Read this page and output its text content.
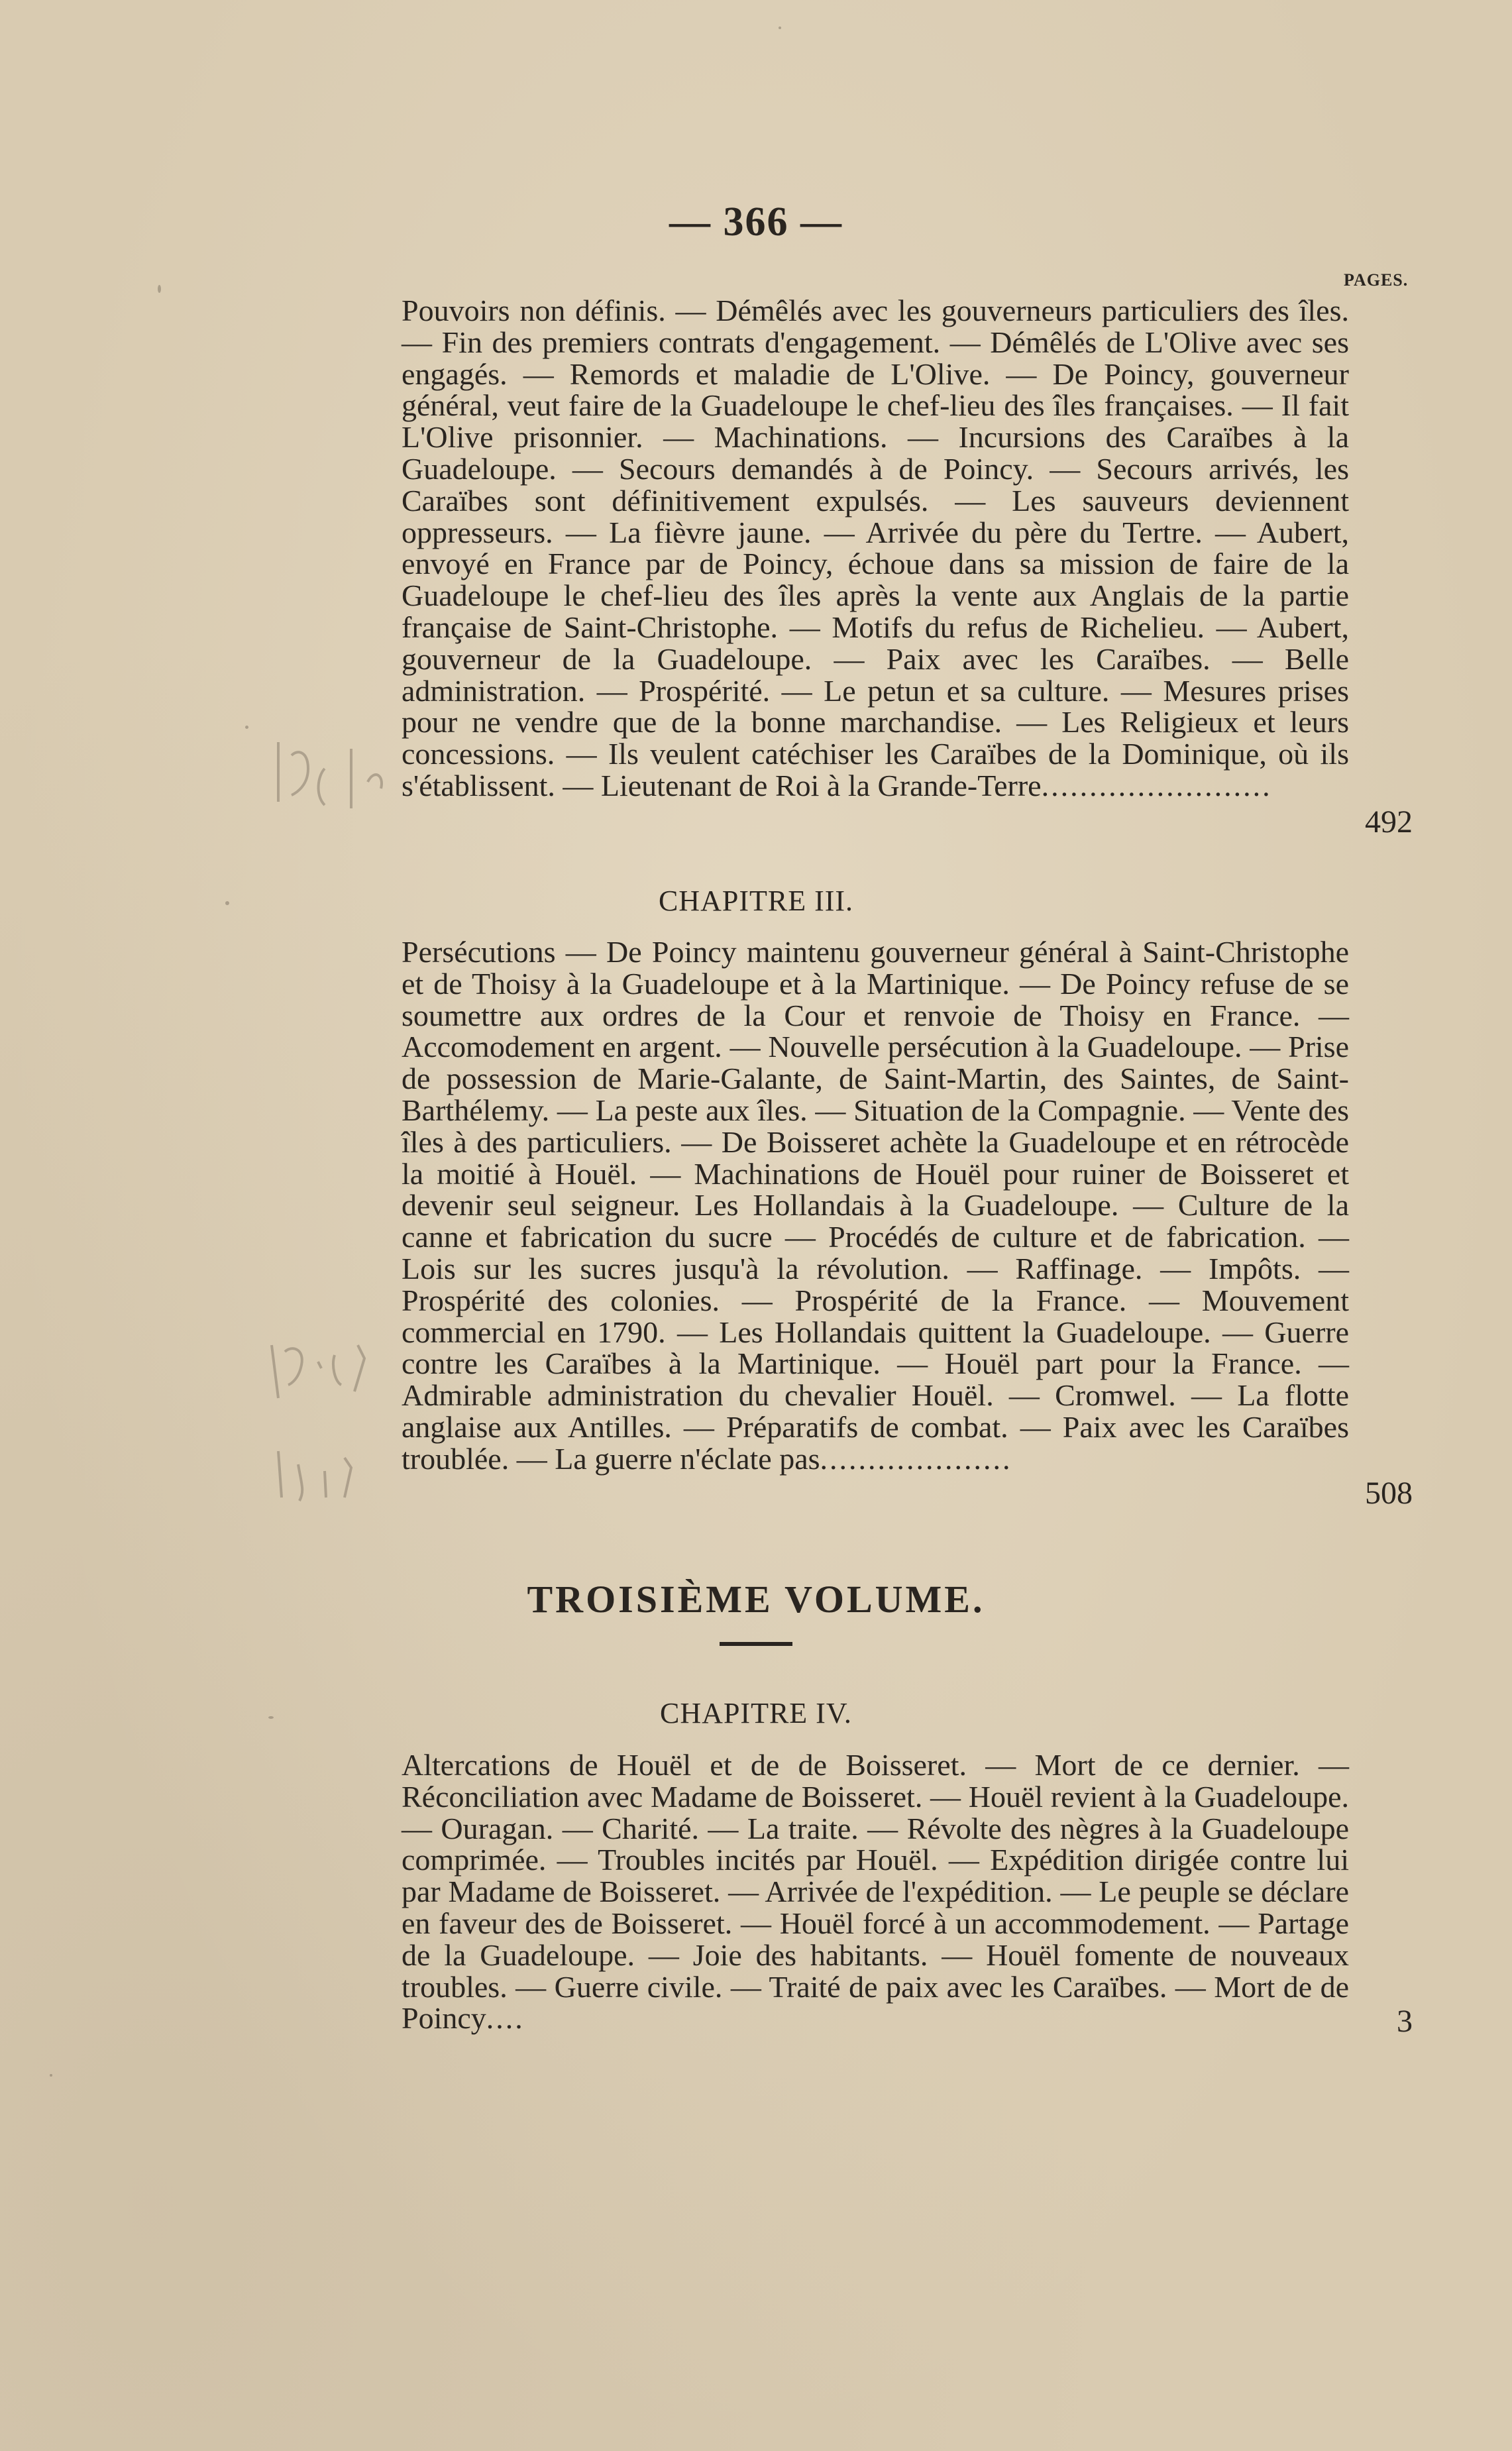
— 366 —
PAGES.
Pouvoirs non définis. — Démêlés avec les gouverneurs particuliers des îles. — Fin des premiers contrats d'engagement. — Démêlés de L'Olive avec ses engagés. — Remords et maladie de L'Olive. — De Poincy, gouverneur général, veut faire de la Guadeloupe le chef-lieu des îles françaises. — Il fait L'Olive prisonnier. — Machinations. — Incursions des Caraïbes à la Guadeloupe. — Secours demandés à de Poincy. — Secours arrivés, les Caraïbes sont définitivement expulsés. — Les sauveurs deviennent oppresseurs. — La fièvre jaune. — Arrivée du père du Tertre. — Aubert, envoyé en France par de Poincy, échoue dans sa mission de faire de la Guadeloupe le chef-lieu des îles après la vente aux Anglais de la partie française de Saint-Christophe. — Motifs du refus de Richelieu. — Aubert, gouverneur de la Guadeloupe. — Paix avec les Caraïbes. — Belle administration. — Prospérité. — Le petun et sa culture. — Mesures prises pour ne vendre que de la bonne marchandise. — Les Religieux et leurs concessions. — Ils veulent catéchiser les Caraïbes de la Dominique, où ils s'établissent. — Lieutenant de Roi à la Grande-Terre........................
492
CHAPITRE III.
Persécutions — De Poincy maintenu gouverneur général à Saint-Christophe et de Thoisy à la Guadeloupe et à la Martinique. — De Poincy refuse de se soumettre aux ordres de la Cour et renvoie de Thoisy en France. — Accomodement en argent. — Nouvelle persécution à la Guadeloupe. — Prise de possession de Marie-Galante, de Saint-Martin, des Saintes, de Saint-Barthélemy. — La peste aux îles. — Situation de la Compagnie. — Vente des îles à des particuliers. — De Boisseret achète la Guadeloupe et en rétrocède la moitié à Houël. — Machinations de Houël pour ruiner de Boisseret et devenir seul seigneur. Les Hollandais à la Guadeloupe. — Culture de la canne et fabrication du sucre — Procédés de culture et de fabrication. — Lois sur les sucres jusqu'à la révolution. — Raffinage. — Impôts. — Prospérité des colonies. — Prospérité de la France. — Mouvement commercial en 1790. — Les Hollandais quittent la Guadeloupe. — Guerre contre les Caraïbes à la Martinique. — Houël part pour la France. — Admirable administration du chevalier Houël. — Cromwel. — La flotte anglaise aux Antilles. — Préparatifs de combat. — Paix avec les Caraïbes troublée. — La guerre n'éclate pas....................
508
TROISIÈME VOLUME.
CHAPITRE IV.
Altercations de Houël et de de Boisseret. — Mort de ce dernier. — Réconciliation avec Madame de Boisseret. — Houël revient à la Guadeloupe. — Ouragan. — Charité. — La traite. — Révolte des nègres à la Guadeloupe comprimée. — Troubles incités par Houël. — Expédition dirigée contre lui par Madame de Boisseret. — Arrivée de l'expédition. — Le peuple se déclare en faveur des de Boisseret. — Houël forcé à un accommodement. — Partage de la Guadeloupe. — Joie des habitants. — Houël fomente de nouveaux troubles. — Guerre civile. — Traité de paix avec les Caraïbes. — Mort de de Poincy....	3
